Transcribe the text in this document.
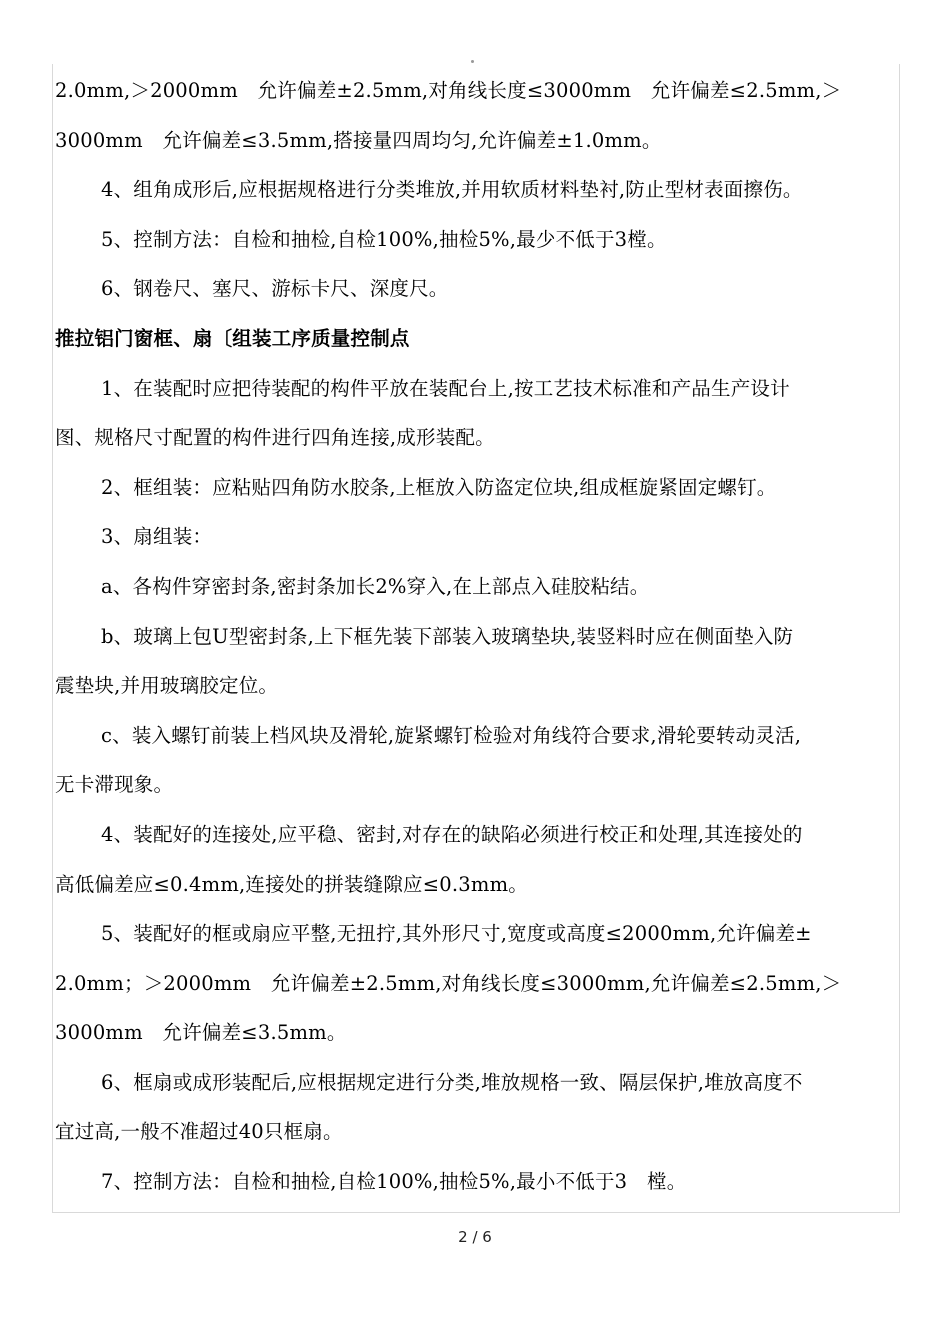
2.0mm,＞2000mm　允许偏差±2.5mm,对角线长度≤3000mm　允许偏差≤2.5mm,＞
3000mm　允许偏差≤3.5mm,搭接量四周均匀,允许偏差±1.0mm。
4、组角成形后,应根据规格进行分类堆放,并用软质材料垫衬,防止型材表面擦伤。
5、控制方法：自检和抽检,自检100%,抽检5%,最少不低于3樘。
6、钢卷尺、塞尺、游标卡尺、深度尺。
推拉铝门窗框、扇〔组装工序质量控制点
1、在装配时应把待装配的构件平放在装配台上,按工艺技术标准和产品生产设计
图、规格尺寸配置的构件进行四角连接,成形装配。
2、框组装：应粘贴四角防水胶条,上框放入防盗定位块,组成框旋紧固定螺钉。
3、扇组装：
a、各构件穿密封条,密封条加长2%穿入,在上部点入硅胶粘结。
b、玻璃上包U型密封条,上下框先装下部装入玻璃垫块,装竖料时应在侧面垫入防
震垫块,并用玻璃胶定位。
c、装入螺钉前装上档风块及滑轮,旋紧螺钉检验对角线符合要求,滑轮要转动灵活,
无卡滞现象。
4、装配好的连接处,应平稳、密封,对存在的缺陷必须进行校正和处理,其连接处的
高低偏差应≤0.4mm,连接处的拼装缝隙应≤0.3mm。
5、装配好的框或扇应平整,无扭拧,其外形尺寸,宽度或高度≤2000mm,允许偏差±
2.0mm；＞2000mm　允许偏差±2.5mm,对角线长度≤3000mm,允许偏差≤2.5mm,＞
3000mm　允许偏差≤3.5mm。
6、框扇或成形装配后,应根据规定进行分类,堆放规格一致、隔层保护,堆放高度不
宜过高,一般不准超过40只框扇。
7、控制方法：自检和抽检,自检100%,抽检5%,最小不低于3　樘。
2 / 6
